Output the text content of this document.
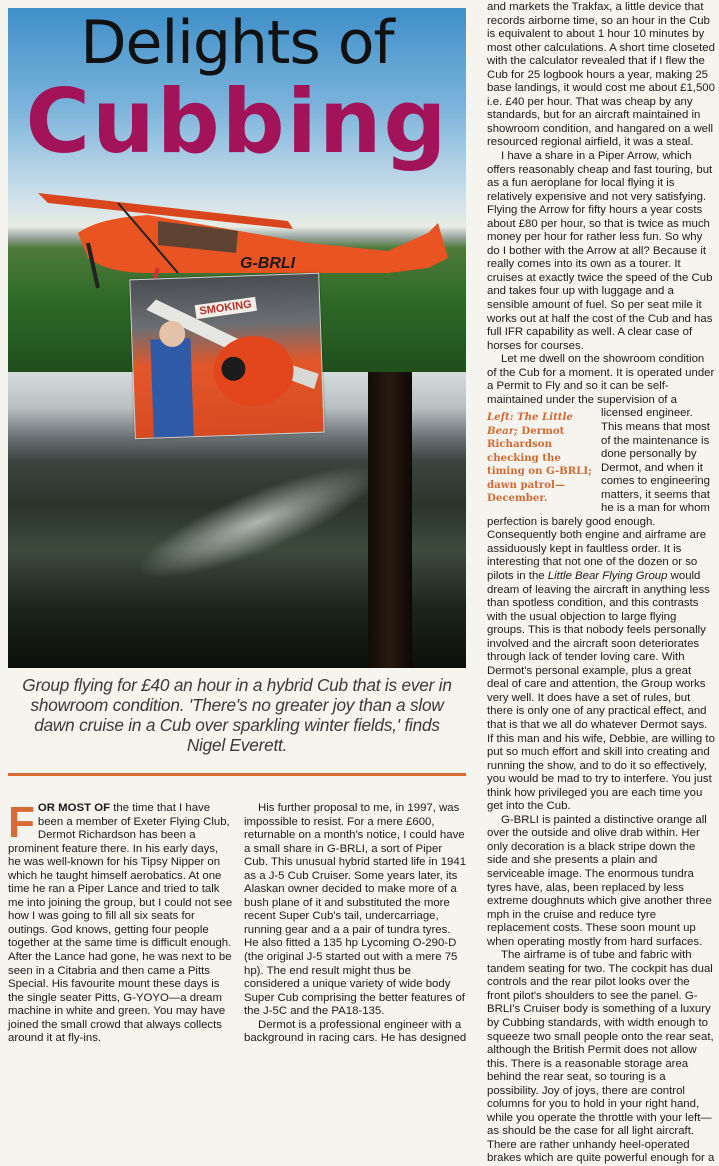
Delights of
Cubbing
G-BRLI
SMOKING
Group flying for £40 an hour in a hybrid Cub that is ever in showroom condition. 'There's no greater joy than a slow dawn cruise in a Cub over sparkling winter fields,' finds Nigel Everett.

FOR MOST OF the time that I have been a member of Exeter Flying Club, Dermot Richardson has been a prominent feature there. In his early days, he was well-known for his Tipsy Nipper on which he taught himself aerobatics. At one time he ran a Piper Lance and tried to talk me into joining the group, but I could not see how I was going to fill all six seats for outings. God knows, getting four people together at the same time is difficult enough. After the Lance had gone, he was next to be seen in a Citabria and then came a Pitts Special. His favourite mount these days is the single seater Pitts, G-YOYO—a dream machine in white and green. You may have joined the small crowd that always collects around it at fly-ins.

His further proposal to me, in 1997, was impossible to resist. For a mere £600, returnable on a month's notice, I could have a small share in G-BRLI, a sort of Piper Cub. This unusual hybrid started life in 1941 as a J-5 Cub Cruiser. Some years later, its Alaskan owner decided to make more of a bush plane of it and substituted the more recent Super Cub's tail, undercarriage, running gear and a a pair of tundra tyres. He also fitted a 135 hp Lycoming O-290-D (the original J-5 started out with a mere 75 hp). The end result might thus be considered a unique variety of wide body Super Cub comprising the better features of the J-5C and the PA18-135.

Dermot is a professional engineer with a background in racing cars. He has designed

and markets the Trakfax, a little device that records airborne time, so an hour in the Cub is equivalent to about 1 hour 10 minutes by most other calculations. A short time closeted with the calculator revealed that if I flew the Cub for 25 logbook hours a year, making 25 base landings, it would cost me about £1,500 i.e. £40 per hour. That was cheap by any standards, but for an aircraft maintained in showroom condition, and hangared on a well resourced regional airfield, it was a steal.

I have a share in a Piper Arrow, which offers reasonably cheap and fast touring, but as a fun aeroplane for local flying it is relatively expensive and not very satisfying. Flying the Arrow for fifty hours a year costs about £80 per hour, so that is twice as much money per hour for rather less fun. So why do I bother with the Arrow at all? Because it really comes into its own as a tourer. It cruises at exactly twice the speed of the Cub and takes four up with luggage and a sensible amount of fuel. So per seat mile it works out at half the cost of the Cub and has full IFR capability as well. A clear case of horses for courses.

Let me dwell on the showroom condition of the Cub for a moment. It is operated under a Permit to Fly and so it can be self-maintained under the supervision of a licensed engineer.
Left: The Little Bear; Dermot Richardson checking the timing on G-BRLI; dawn patrol—December.
This means that most of the maintenance is done personally by Dermot, and when it comes to engineering matters, it seems that he is a man for whom perfection is barely good enough. Consequently both engine and airframe are assiduously kept in faultless order. It is interesting that not one of the dozen or so pilots in the Little Bear Flying Group would dream of leaving the aircraft in anything less than spotless condition, and this contrasts with the usual objection to large flying groups. This is that nobody feels personally involved and the aircraft soon deteriorates through lack of tender loving care. With Dermot's personal example, plus a great deal of care and attention, the Group works very well. It does have a set of rules, but there is only one of any practical effect, and that is that we all do whatever Dermot says. If this man and his wife, Debbie, are willing to put so much effort and skill into creating and running the show, and to do it so effectively, you would be mad to try to interfere. You just think how privileged you are each time you get into the Cub.

G-BRLI is painted a distinctive orange all over the outside and olive drab within. Her only decoration is a black stripe down the side and she presents a plain and serviceable image. The enormous tundra tyres have, alas, been replaced by less extreme doughnuts which give another three mph in the cruise and reduce tyre replacement costs. These soon mount up when operating mostly from hard surfaces.

The airframe is of tube and fabric with tandem seating for two. The cockpit has dual controls and the rear pilot looks over the front pilot's shoulders to see the panel. G-BRLI's Cruiser body is something of a luxury by Cubbing standards, with width enough to squeeze two small people onto the rear seat, although the British Permit does not allow this. There is a reasonable storage area behind the rear seat, so touring is a possibility. Joy of joys, there are control columns for you to hold in your right hand, while you operate the throttle with your left—as should be the case for all light aircraft. There are rather unhandy heel-operated brakes which are quite powerful enough for a
